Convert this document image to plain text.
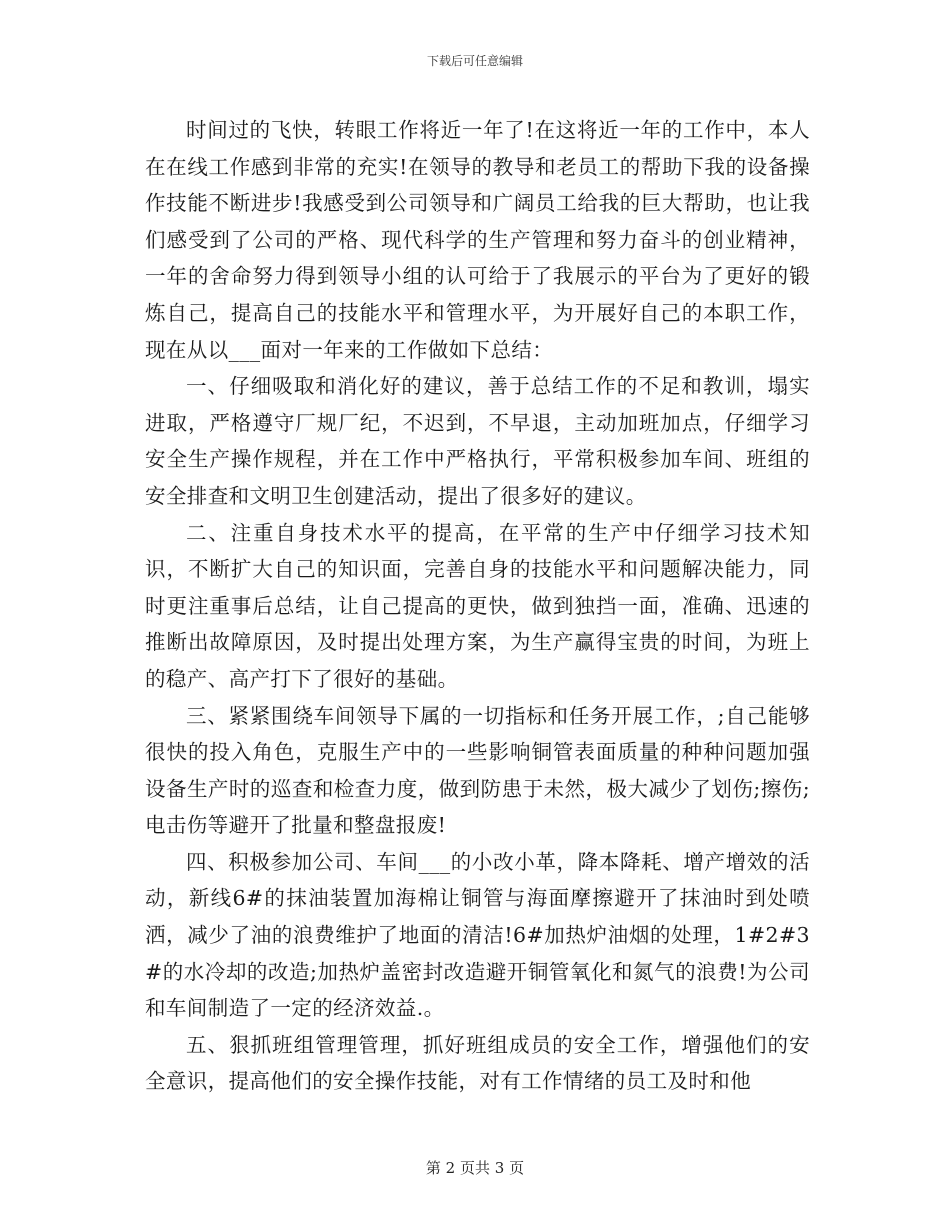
下载后可任意编辑

时间过的飞快，转眼工作将近一年了!在这将近一年的工作中，本人在在线工作感到非常的充实!在领导的教导和老员工的帮助下我的设备操作技能不断进步!我感受到公司领导和广阔员工给我的巨大帮助，也让我们感受到了公司的严格、现代科学的生产管理和努力奋斗的创业精神，一年的舍命努力得到领导小组的认可给于了我展示的平台为了更好的锻炼自己，提高自己的技能水平和管理水平，为开展好自己的本职工作，现在从以___面对一年来的工作做如下总结：

一、仔细吸取和消化好的建议，善于总结工作的不足和教训，塌实进取，严格遵守厂规厂纪，不迟到，不早退，主动加班加点，仔细学习安全生产操作规程，并在工作中严格执行，平常积极参加车间、班组的安全排查和文明卫生创建活动，提出了很多好的建议。

二、注重自身技术水平的提高，在平常的生产中仔细学习技术知识，不断扩大自己的知识面，完善自身的技能水平和问题解决能力，同时更注重事后总结，让自己提高的更快，做到独挡一面，准确、迅速的推断出故障原因，及时提出处理方案，为生产赢得宝贵的时间，为班上的稳产、高产打下了很好的基础。

三、紧紧围绕车间领导下属的一切指标和任务开展工作，;自己能够很快的投入角色，克服生产中的一些影响铜管表面质量的种种问题加强设备生产时的巡查和检查力度，做到防患于未然，极大减少了划伤;擦伤;电击伤等避开了批量和整盘报废!

四、积极参加公司、车间___的小改小革，降本降耗、增产增效的活动，新线6#的抹油装置加海棉让铜管与海面摩擦避开了抹油时到处喷洒，减少了油的浪费维护了地面的清洁!6#加热炉油烟的处理，1#2#3#的水冷却的改造;加热炉盖密封改造避开铜管氧化和氮气的浪费!为公司和车间制造了一定的经济效益.。

五、狠抓班组管理管理，抓好班组成员的安全工作，增强他们的安全意识，提高他们的安全操作技能，对有工作情绪的员工及时和他

第 2 页共 3 页
